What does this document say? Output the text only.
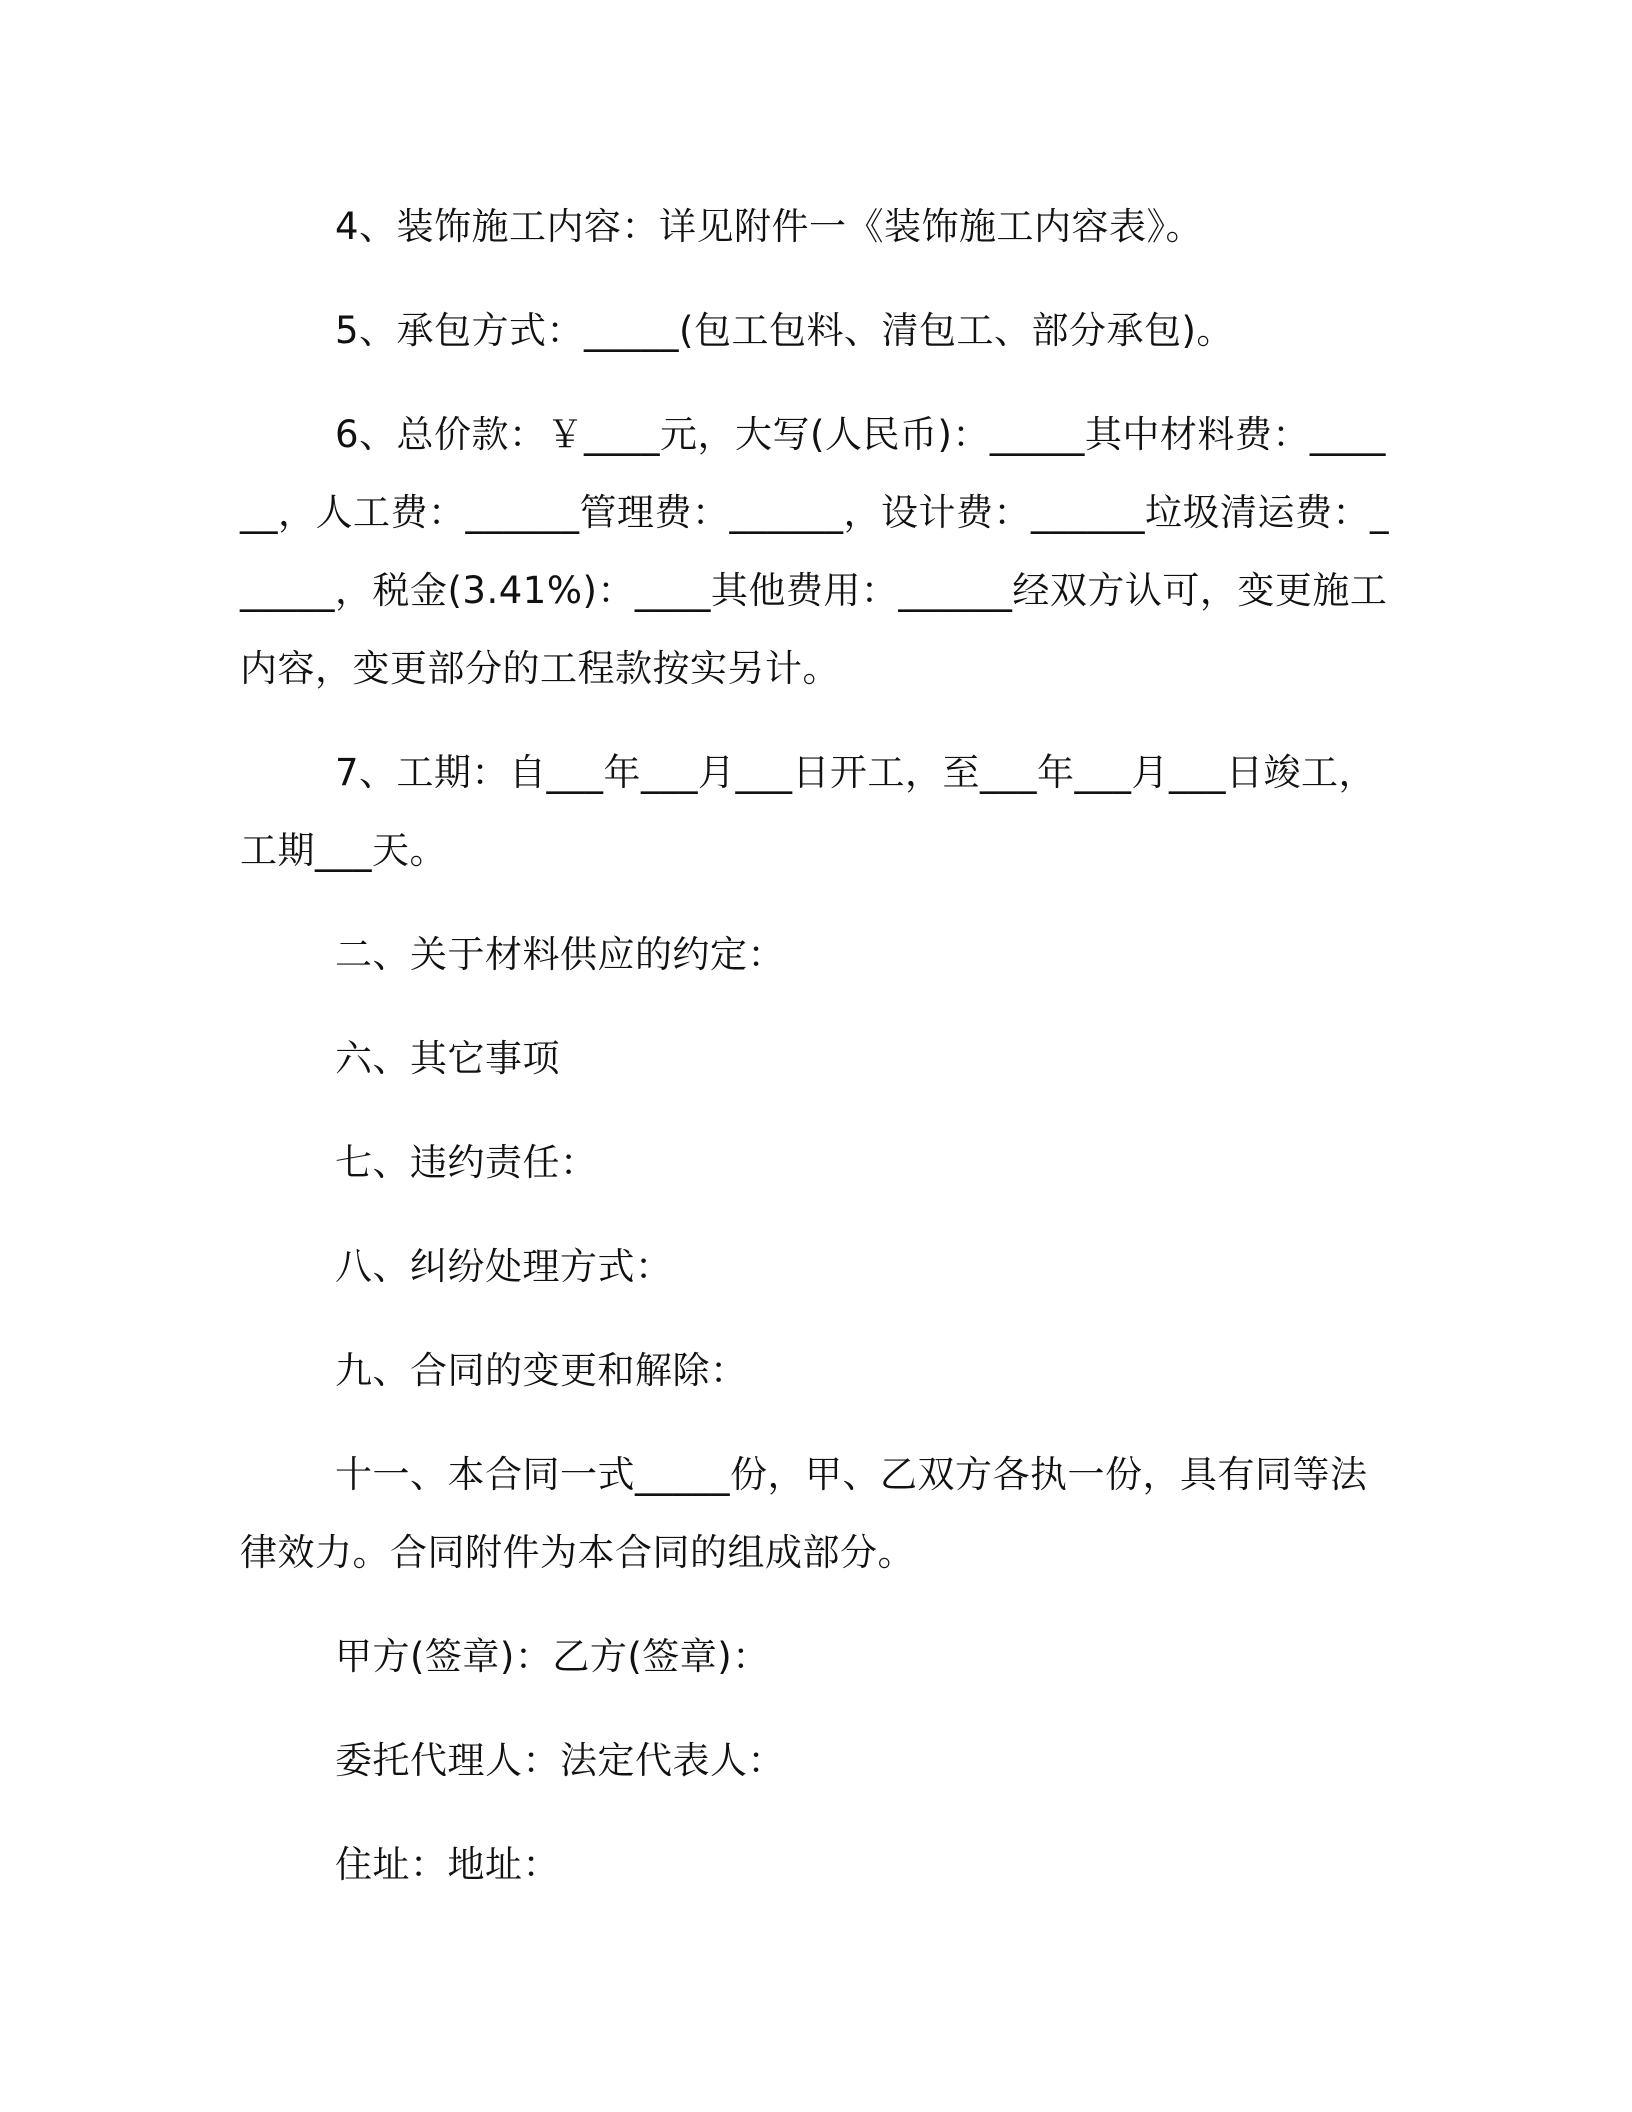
4、装饰施工内容：详见附件一《装饰施工内容表》。

5、承包方式：_____(包工包料、清包工、部分承包)。

6、总价款：￥____元，大写(人民币)：_____其中材料费：______，人工费：______管理费：______，设计费：______垃圾清运费：______，税金(3.41%)：____其他费用：______经双方认可，变更施工内容，变更部分的工程款按实另计。

7、工期：自___年___月___日开工，至___年___月___日竣工，工期___天。

二、关于材料供应的约定：

六、其它事项

七、违约责任：

八、纠纷处理方式：

九、合同的变更和解除：

十一、本合同一式_____份，甲、乙双方各执一份，具有同等法律效力。合同附件为本合同的组成部分。

甲方(签章)：乙方(签章)：

委托代理人：法定代表人：

住址：地址：
